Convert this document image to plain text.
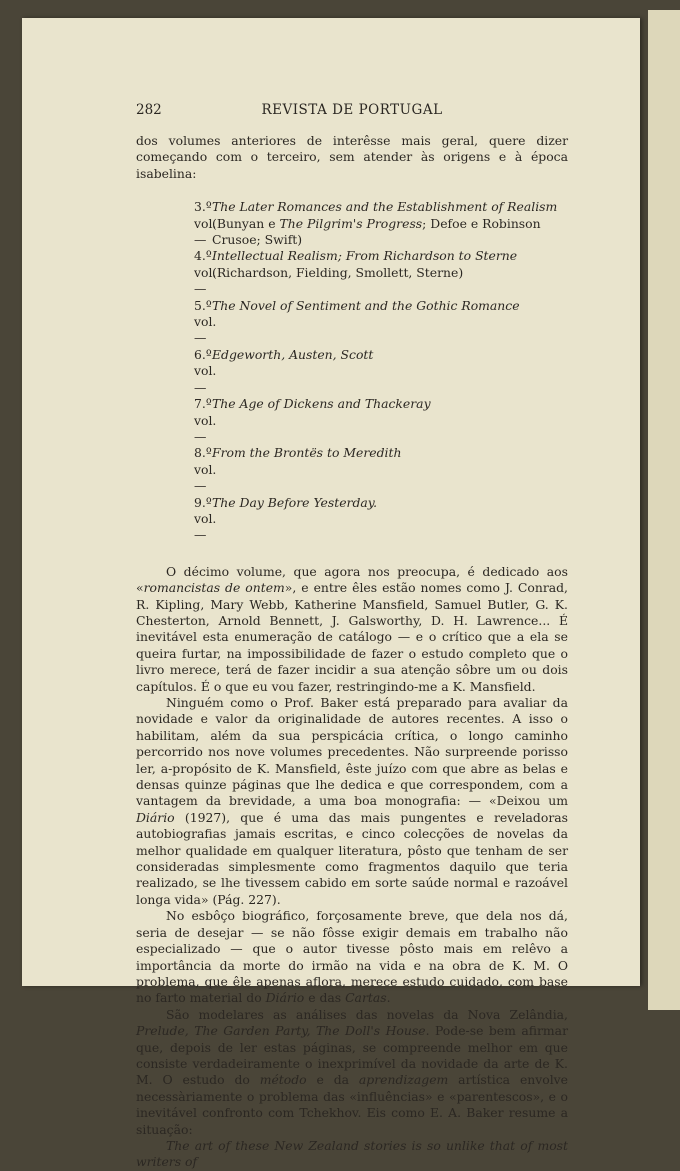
282	REVISTA DE PORTUGAL

dos volumes anteriores de interêsse mais geral, quere dizer começando com o terceiro, sem atender às origens e à época isabelina:

3.º vol. —
The Later Romances and the Establishment of Realism (Bunyan e The Pilgrim's Progress; Defoe e Robinson Crusoe; Swift)
4.º vol. —
Intellectual Realism; From Richardson to Sterne (Richardson, Fielding, Smollett, Sterne)
5.º vol. —
The Novel of Sentiment and the Gothic Romance
6.º vol. —
Edgeworth, Austen, Scott
7.º vol. —
The Age of Dickens and Thackeray
8.º vol. —
From the Brontës to Meredith
9.º vol. —
The Day Before Yesterday.

O décimo volume, que agora nos preocupa, é dedicado aos «romancistas de ontem», e entre êles estão nomes como J. Conrad, R. Kipling, Mary Webb, Katherine Mansfield, Samuel Butler, G. K. Chesterton, Arnold Bennett, J. Galsworthy, D. H. Lawrence... É inevitável esta enumeração de catálogo — e o crítico que a ela se queira furtar, na impossibilidade de fazer o estudo completo que o livro merece, terá de fazer incidir a sua atenção sôbre um ou dois capítulos. É o que eu vou fazer, restringindo-me a K. Mansfield.

Ninguém como o Prof. Baker está preparado para avaliar da novidade e valor da originalidade de autores recentes. A isso o habilitam, além da sua perspicácia crítica, o longo caminho percorrido nos nove volumes precedentes. Não surpreende porisso ler, a-propósito de K. Mansfield, êste juízo com que abre as belas e densas quinze páginas que lhe dedica e que correspondem, com a vantagem da brevidade, a uma boa monografia: — «Deixou um Diário (1927), que é uma das mais pungentes e reveladoras autobiografias jamais escritas, e cinco colecções de novelas da melhor qualidade em qualquer literatura, pôsto que tenham de ser consideradas simplesmente como fragmentos daquilo que teria realizado, se lhe tivessem cabido em sorte saúde normal e razoável longa vida» (Pág. 227).

No esbôço biográfico, forçosamente breve, que dela nos dá, seria de desejar — se não fôsse exigir demais em trabalho não especializado — que o autor tivesse pôsto mais em relêvo a importância da morte do irmão na vida e na obra de K. M. O problema, que êle apenas aflora, merece estudo cuidado, com base no farto material do Diário e das Cartas.

São modelares as análises das novelas da Nova Zelândia, Prelude, The Garden Party, The Doll's House. Pode-se bem afirmar que, depois de ler estas páginas, se compreende melhor em que consiste verdadeiramente o inexprimível da novidade da arte de K. M. O estudo do método e da aprendizagem artística envolve necessàriamente o problema das «influências» e «parentescos», e o inevitável confronto com Tchekhov. Eis como E. A. Baker resume a situação:

The art of these New Zealand stories is so unlike that of most writers of
